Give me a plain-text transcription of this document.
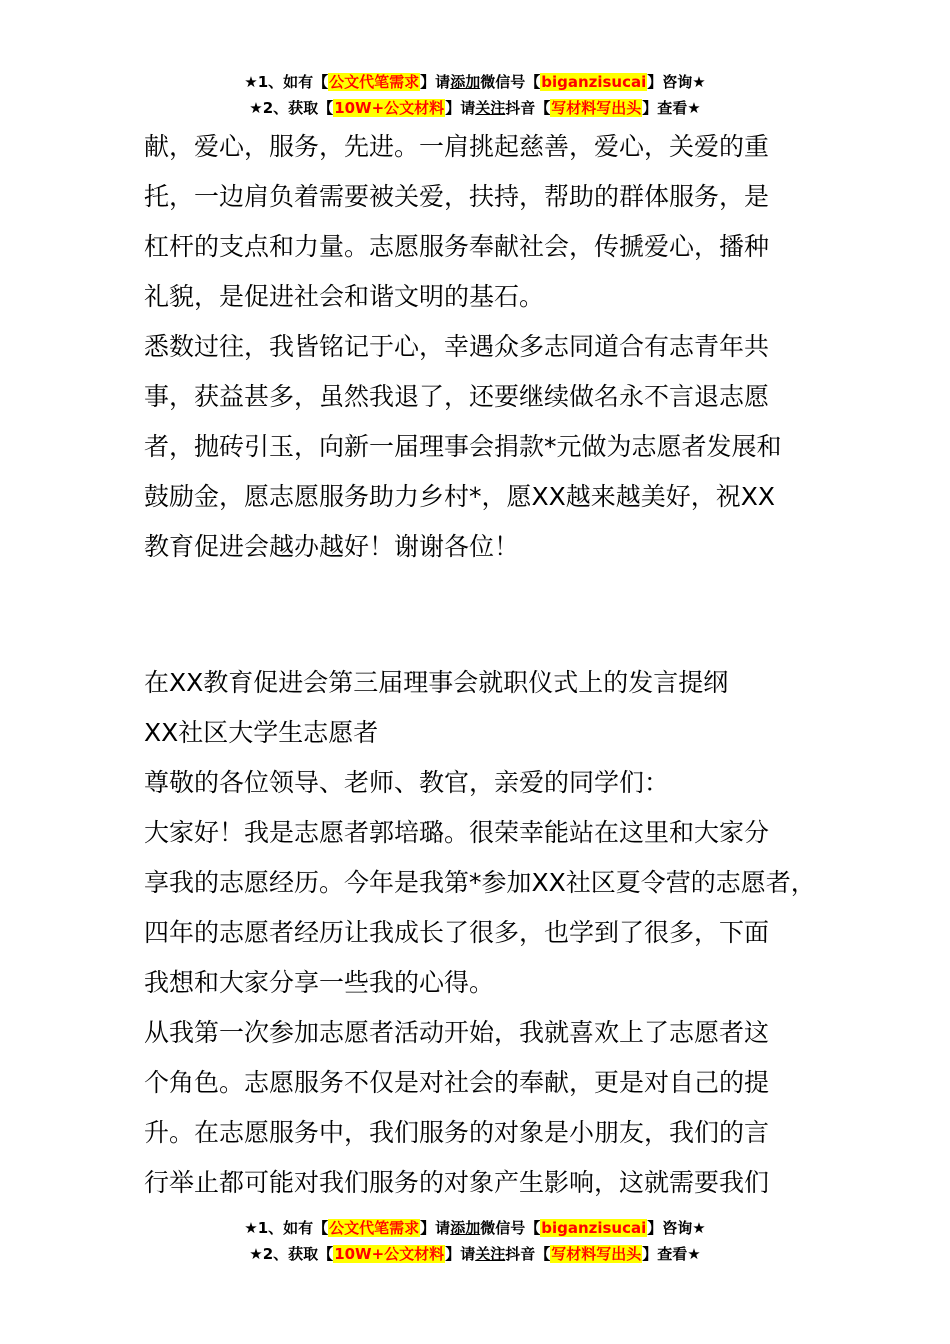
★1、如有【公文代笔需求】请添加微信号【biganzisucai】咨询★
★2、获取【10W+公文材料】请关注抖音【写材料写出头】查看★

献，爱心，服务，先进。一肩挑起慈善，爱心，关爱的重

托，一边肩负着需要被关爱，扶持，帮助的群体服务，是

杠杆的支点和力量。志愿服务奉献社会，传搋爱心，播种

礼貌，是促进社会和谐文明的基石。

悉数过往，我皆铭记于心，幸遇众多志同道合有志青年共

事，获益甚多，虽然我退了，还要继续做名永不言退志愿

者，抛砖引玉，向新一届理事会捐款*元做为志愿者发展和

鼓励金，愿志愿服务助力乡村*，愿XX越来越美好，祝XX

教育促进会越办越好！谢谢各位！

在XX教育促进会第三届理事会就职仪式上的发言提纲

XX社区大学生志愿者

尊敬的各位领导、老师、教官，亲爱的同学们：

大家好！我是志愿者郭培璐。很荣幸能站在这里和大家分

享我的志愿经历。今年是我第*参加XX社区夏令营的志愿者，

四年的志愿者经历让我成长了很多，也学到了很多，下面

我想和大家分享一些我的心得。

从我第一次参加志愿者活动开始，我就喜欢上了志愿者这

个角色。志愿服务不仅是对社会的奉献，更是对自己的提

升。在志愿服务中，我们服务的对象是小朋友，我们的言

行举止都可能对我们服务的对象产生影响，这就需要我们

★1、如有【公文代笔需求】请添加微信号【biganzisucai】咨询★
★2、获取【10W+公文材料】请关注抖音【写材料写出头】查看★
